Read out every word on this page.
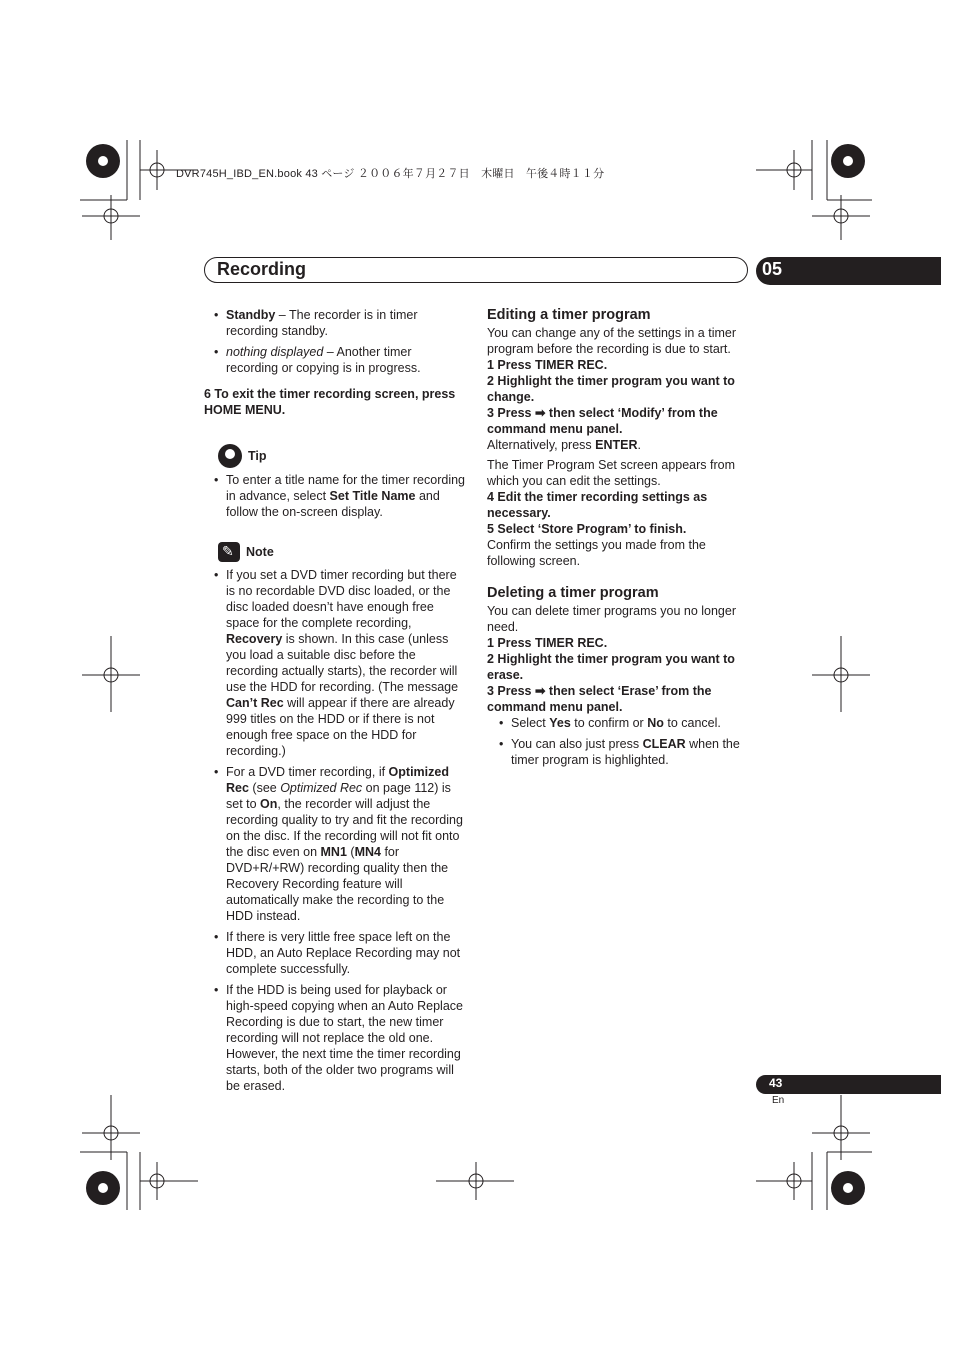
DVR745H_IBD_EN.book 43 ページ ２００６年７月２７日　木曜日　午後４時１１分
Recording	05
• Standby – The recorder is in timer recording standby.
• nothing displayed – Another timer recording or copying is in progress.

6 To exit the timer recording screen, press HOME MENU.

Tip
• To enter a title name for the timer recording in advance, select Set Title Name and follow the on-screen display.
✎
Note
• If you set a DVD timer recording but there is no recordable DVD disc loaded, or the disc loaded doesn’t have enough free space for the complete recording, Recovery is shown. In this case (unless you load a suitable disc before the recording actually starts), the recorder will use the HDD for recording. (The message Can’t Rec will appear if there are already 999 titles on the HDD or if there is not enough free space on the HDD for recording.)
• For a DVD timer recording, if Optimized Rec (see Optimized Rec on page 112) is set to On, the recorder will adjust the recording quality to try and fit the recording on the disc. If the recording will not fit onto the disc even on MN1 (MN4 for DVD+R/+RW) recording quality then the Recovery Recording feature will automatically make the recording to the HDD instead.
• If there is very little free space left on the HDD, an Auto Replace Recording may not complete successfully.
• If the HDD is being used for playback or high-speed copying when an Auto Replace Recording is due to start, the new timer recording will not replace the old one. However, the next time the timer recording starts, both of the older two programs will be erased.

Editing a timer program

You can change any of the settings in a timer program before the recording is due to start.

1 Press TIMER REC.

2 Highlight the timer program you want to change.

3 Press ➡ then select ‘Modify’ from the command menu panel.

Alternatively, press ENTER.

The Timer Program Set screen appears from which you can edit the settings.

4 Edit the timer recording settings as necessary.

5 Select ‘Store Program’ to finish.

Confirm the settings you made from the following screen.

Deleting a timer program

You can delete timer programs you no longer need.

1 Press TIMER REC.

2 Highlight the timer program you want to erase.

3 Press ➡ then select ‘Erase’ from the command menu panel.

• Select Yes to confirm or No to cancel.
• You can also just press CLEAR when the timer program is highlighted.
43
En
